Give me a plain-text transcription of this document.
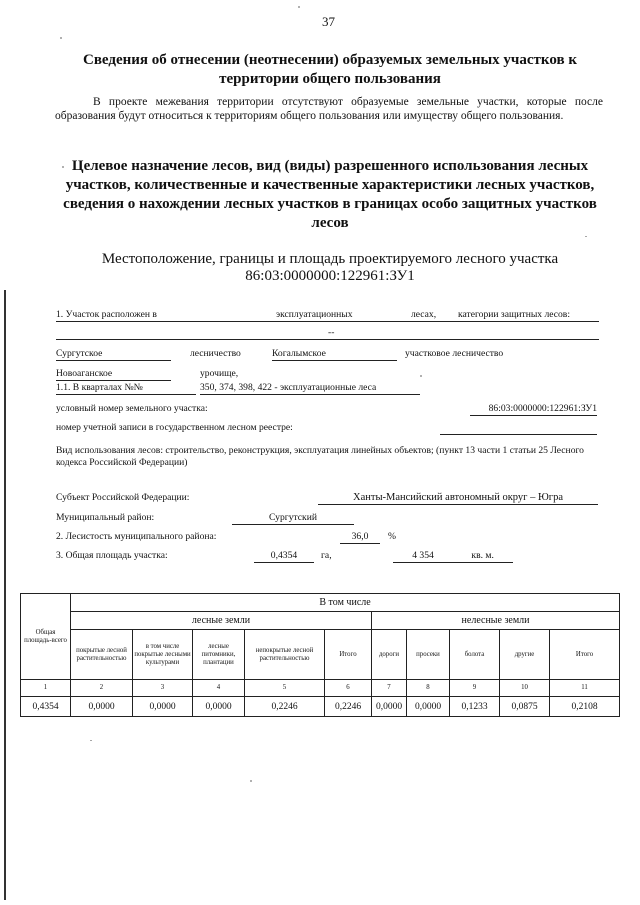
37
Сведения об отнесении (неотнесении) образуемых земельных участков к
территории общего пользования
В проекте межевания территории отсутствуют образуемые земельные участки, которые после образования будут относиться к территориям общего пользования или имуществу общего пользования.
Целевое назначение лесов, вид (виды) разрешенного использования лесных
участков, количественные и качественные характеристики лесных участков,
сведения о нахождении лесных участков в границах особо защитных участков
лесов
Местоположение, границы и площадь проектируемого лесного участка
86:03:0000000:122961:ЗУ1
1. Участок расположен в	эксплуатационных	лесах, категории защитных лесов:
--
Сургутское	лесничество	Когалымское	участковое лесничество
Новоаганское	урочище,
1.1. В кварталах №№	350, 374, 398, 422 - эксплуатационные леса
условный номер земельного участка:	86:03:0000000:122961:ЗУ1
номер учетной записи в государственном лесном реестре:
Вид использования лесов: строительство, реконструкция, эксплуатация линейных объектов; (пункт 13 части 1 статьи 25 Лесного кодекса Российской Федерации)
Субъект Российской Федерации:	Ханты-Мансийский автономный округ – Югра
Муниципальный район:	Сургутский
2. Лесистость муниципального района:	36,0	%
3. Общая площадь участка:	0,4354	га,	4 354	кв. м.
Общая площадь-всего	В том числе									
	лесные земли					нелесные земли				
	покрытые лесной растительностью	в том числе покрытые лесными культурами	лесные питомники, плантации	непокрытые лесной растительностью	Итого	дороги	просеки	болота	другие	Итого
1	2	3	4	5	6	7	8	9	10	11
0,4354	0,0000	0,0000	0,0000	0,2246	0,2246	0,0000	0,0000	0,1233	0,0875	0,2108
